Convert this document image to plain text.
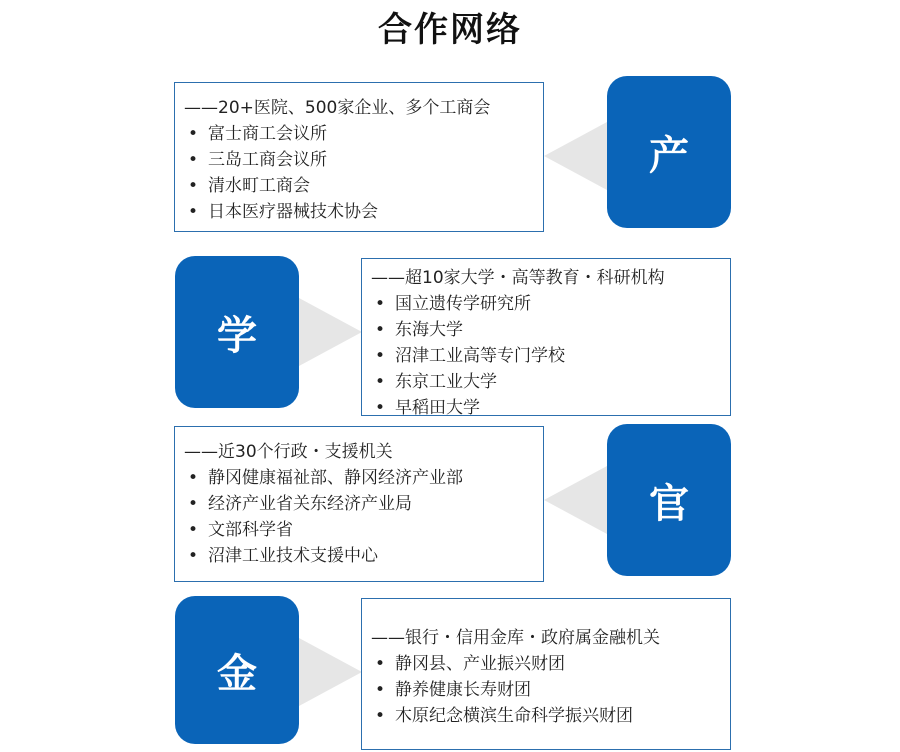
合作网络
——20+医院、500家企业、多个工商会
• 富士商工会议所
• 三岛工商会议所
• 清水町工商会
• 日本医疗器械技术协会
产
——超10家大学・高等教育・科研机构
• 国立遗传学研究所
• 东海大学
• 沼津工业高等专门学校
• 东京工业大学
• 早稻田大学
学
——近30个行政・支援机关
• 静冈健康福祉部、静冈经济产业部
• 经济产业省关东经济产业局
• 文部科学省
• 沼津工业技术支援中心
官
——银行・信用金库・政府属金融机关
• 静冈县、产业振兴财团
• 静养健康长寿财团
• 木原纪念横滨生命科学振兴财团
金
